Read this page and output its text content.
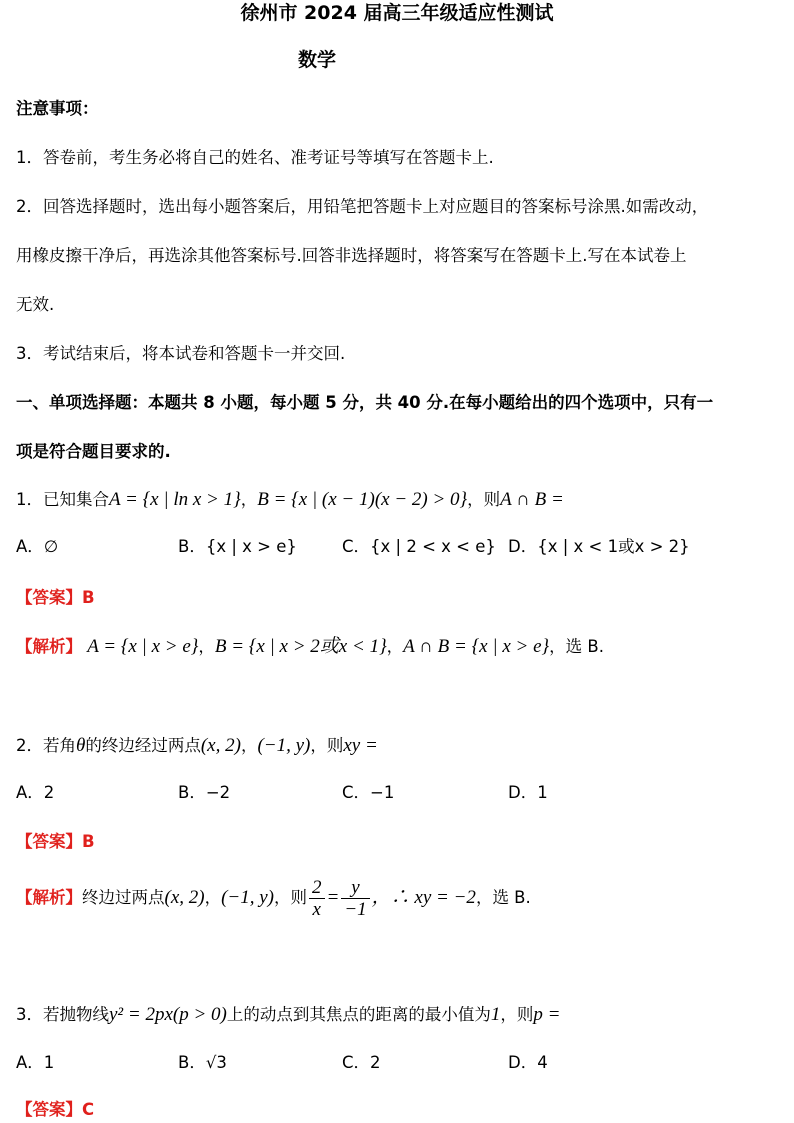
徐州市 2024 届高三年级适应性测试
数学
注意事项：
1．答卷前，考生务必将自己的姓名、准考证号等填写在答题卡上.
2．回答选择题时，选出每小题答案后，用铅笔把答题卡上对应题目的答案标号涂黑.如需改动，
用橡皮擦干净后，再选涂其他答案标号.回答非选择题时，将答案写在答题卡上.写在本试卷上
无效.
3．考试结束后，将本试卷和答题卡一并交回.
一、单项选择题：本题共 8 小题，每小题 5 分，共 40 分.在每小题给出的四个选项中，只有一
项是符合题目要求的.
1．已知集合A = {x | ln x > 1}，B = {x | (x − 1)(x − 2) > 0}，则A ∩ B =
A．∅	B．{x | x > e}	C．{x | 2 < x < e} D．{x | x < 1或x > 2}
【答案】B
【解析】 A = {x | x > e}，B = {x | x > 2或x < 1}，A ∩ B = {x | x > e}，选 B.
2．若角θ的终边经过两点(x, 2)，(−1, y)，则xy =
A．2	B．−2	C．−1	D．1
【答案】B
【解析】终边过两点(x, 2)，(−1, y)，则 $\frac{2}{x} = \frac{y}{-1}$ ，∴ xy = −2，选 B.
3．若抛物线y² = 2px(p > 0)上的动点到其焦点的距离的最小值为1，则p =
A．1	B．√3	C．2	D．4
【答案】C
